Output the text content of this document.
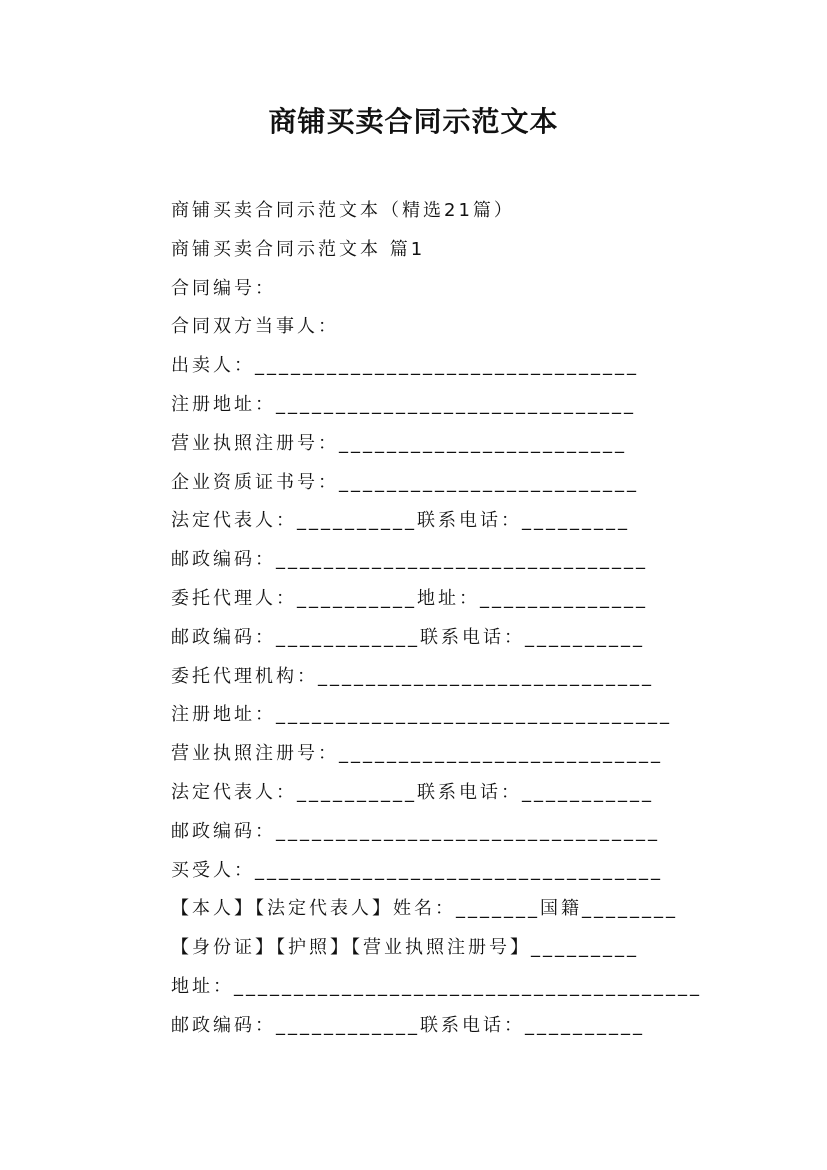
商铺买卖合同示范文本
商铺买卖合同示范文本（精选21篇）
商铺买卖合同示范文本 篇1
合同编号：
合同双方当事人：
出卖人：________________________________
注册地址：______________________________
营业执照注册号：________________________
企业资质证书号：_________________________
法定代表人：__________联系电话：_________
邮政编码：_______________________________
委托代理人：__________地址：______________
邮政编码：____________联系电话：__________
委托代理机构：____________________________
注册地址：_________________________________
营业执照注册号：___________________________
法定代表人：__________联系电话：___________
邮政编码：________________________________
买受人：__________________________________
【本人】【法定代表人】姓名：_______国籍________
【身份证】【护照】【营业执照注册号】_________
地址：_______________________________________
邮政编码：____________联系电话：__________
